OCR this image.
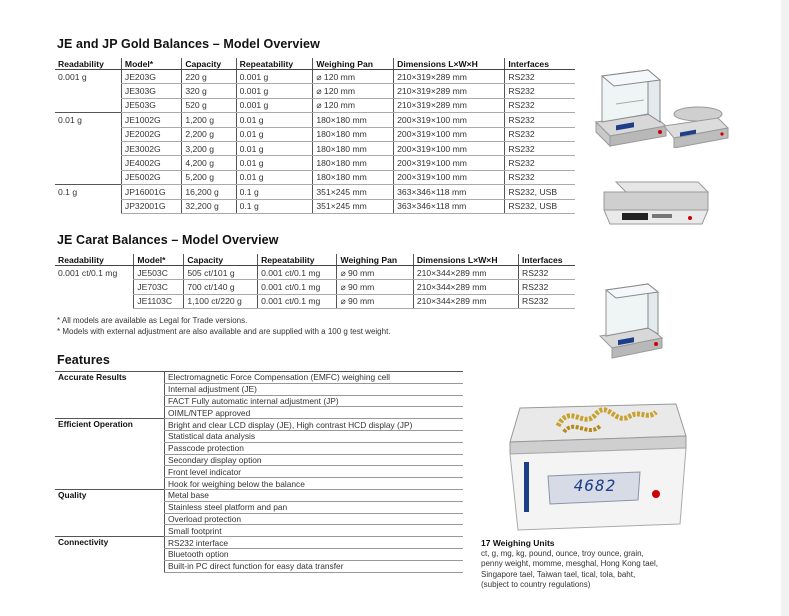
JE and JP Gold Balances – Model Overview
Readability	Model*	Capacity	Repeatability	Weighing Pan	Dimensions L×W×H	Interfaces
0.001 g	JE203G	220 g	0.001 g	⌀ 120 mm	210×319×289 mm	RS232
	JE303G	320 g	0.001 g	⌀ 120 mm	210×319×289 mm	RS232
	JE503G	520 g	0.001 g	⌀ 120 mm	210×319×289 mm	RS232
0.01 g	JE1002G	1,200 g	0.01 g	180×180 mm	200×319×100 mm	RS232
	JE2002G	2,200 g	0.01 g	180×180 mm	200×319×100 mm	RS232
	JE3002G	3,200 g	0.01 g	180×180 mm	200×319×100 mm	RS232
	JE4002G	4,200 g	0.01 g	180×180 mm	200×319×100 mm	RS232
	JE5002G	5,200 g	0.01 g	180×180 mm	200×319×100 mm	RS232
0.1 g	JP16001G	16,200 g	0.1 g	351×245 mm	363×346×118 mm	RS232, USB
	JP32001G	32,200 g	0.1 g	351×245 mm	363×346×118 mm	RS232, USB
JE Carat Balances – Model Overview
Readability	Model*	Capacity	Repeatability	Weighing Pan	Dimensions L×W×H	Interfaces
0.001 ct/0.1 mg	JE503C	505 ct/101 g	0.001 ct/0.1 mg	⌀ 90 mm	210×344×289 mm	RS232
	JE703C	700 ct/140 g	0.001 ct/0.1 mg	⌀ 90 mm	210×344×289 mm	RS232
	JE1103C	1,100 ct/220 g	0.001 ct/0.1 mg	⌀ 90 mm	210×344×289 mm	RS232
* All models are available as Legal for Trade versions.
* Models with external adjustment are also available and are supplied with a 100 g test weight.
Features
Accurate Results	Electromagnetic Force Compensation (EMFC) weighing cell
	Internal adjustment (JE)
	FACT Fully automatic internal adjustment (JP)
	OIML/NTEP approved
Efficient Operation	Bright and clear LCD display (JE), High contrast HCD display (JP)
	Statistical data analysis
	Passcode protection
	Secondary display option
	Front level indicator
	Hook for weighing below the balance
Quality	Metal base
	Stainless steel platform and pan
	Overload protection
	Small footprint
Connectivity	RS232 interface
	Bluetooth option
	Built-in PC direct function for easy data transfer
4682
17 Weighing Units
ct, g, mg, kg, pound, ounce, troy ounce, grain,
penny weight, momme, mesghal, Hong Kong tael,
Singapore tael, Taiwan tael, tical, tola, baht,
(subject to country regulations)
